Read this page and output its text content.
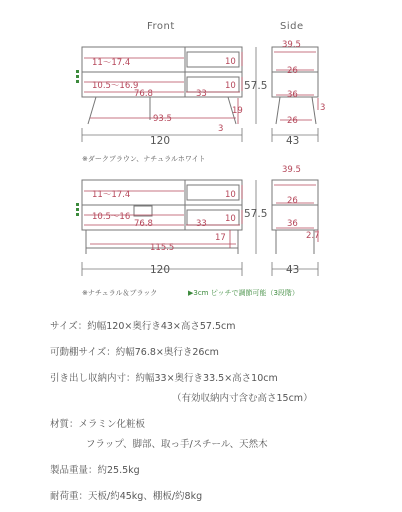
Front	Side
11～17.4
10.5～16.9
76.8	33
10
10
19
93.5
3
120
57.5
39.5
26
36
3
26
43
※ダークブラウン、ナチュラルホワイト
11～17.4
10.5～16
76.8	33
10
10
17
115.5
120
57.5
39.5
26
36
2.7
43
※ナチュラル＆ブラック	▶3cm ピッチで調節可能（3段階）
サイズ：約幅120×奥行き43×高さ57.5cm
可動棚サイズ：約幅76.8×奥行き26cm
引き出し収納内寸：約幅33×奥行き33.5×高さ10cm
（有効収納内寸含む高さ15cm）
材質：メラミン化粧板
フラップ、脚部、取っ手/スチール、天然木
製品重量：約25.5kg
耐荷重：天板/約45kg、棚板/約8kg
